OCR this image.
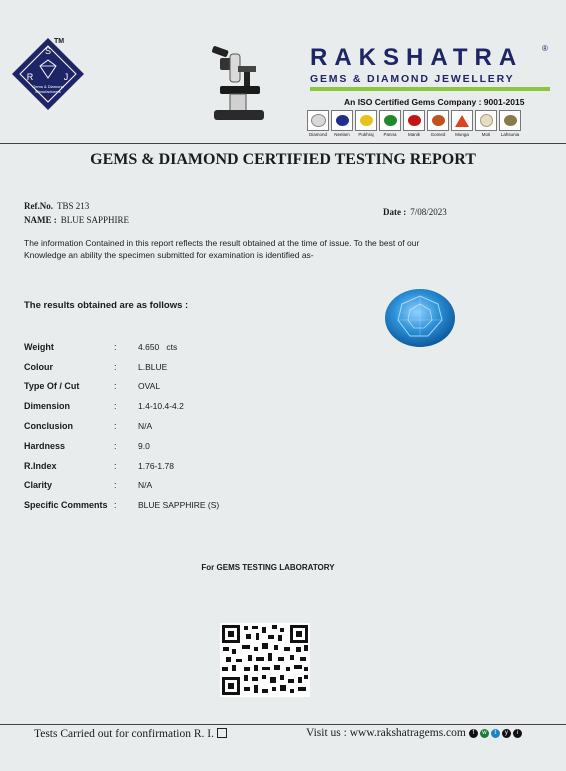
S
R	J
Gems & Diamond
Manufacturers
TM
RAKSHATRA ®
GEMS & DIAMOND JEWELLERY
An ISO Certified Gems Company : 9001-2015
Diamond Neelam Pukhraj Panna	Manik Gomed Munga	Moti Lahsunia
GEMS & DIAMOND CERTIFIED TESTING REPORT
Ref.No. TBS 213
NAME : BLUE SAPPHIRE
Date : 7/08/2023
The information Contained in this report reflects the result obtained at the time of issue. To the best of our
Knowledge an ability the specimen submitted for examination is identified as-
The results obtained are as follows :
Weight	:	4.650   cts
Colour	:	L.BLUE
Type Of / Cut	:	OVAL
Dimension	:	1.4-10.4-4.2
Conclusion	:	N/A
Hardness	:	9.0
R.Index	:	1.76-1.78
Clarity	:	N/A
Specific Comments :	BLUE SAPPHIRE (S)
For GEMS TESTING LABORATORY
Tests Carried out for confirmation R. I.	Visit us : www.rakshatragems.com	f	w	t	y	i
